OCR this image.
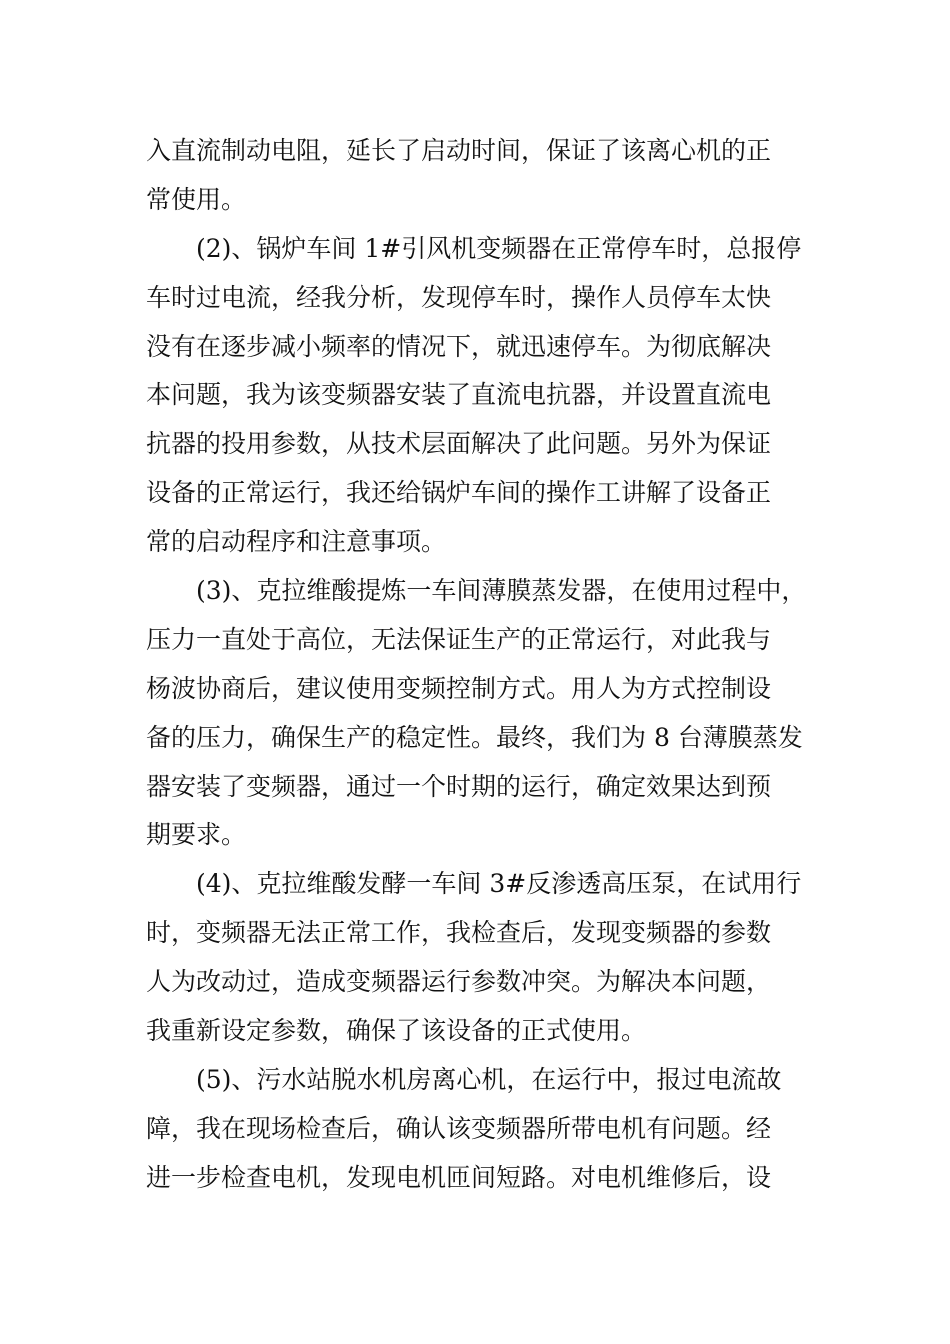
入直流制动电阻，延长了启动时间，保证了该离心机的正
常使用。
(2)、锅炉车间 1#引风机变频器在正常停车时，总报停
车时过电流，经我分析，发现停车时，操作人员停车太快
没有在逐步减小频率的情况下，就迅速停车。为彻底解决
本问题，我为该变频器安装了直流电抗器，并设置直流电
抗器的投用参数，从技术层面解决了此问题。另外为保证
设备的正常运行，我还给锅炉车间的操作工讲解了设备正
常的启动程序和注意事项。
(3)、克拉维酸提炼一车间薄膜蒸发器，在使用过程中，
压力一直处于高位，无法保证生产的正常运行，对此我与
杨波协商后，建议使用变频控制方式。用人为方式控制设
备的压力，确保生产的稳定性。最终，我们为 8 台薄膜蒸发
器安装了变频器，通过一个时期的运行，确定效果达到预
期要求。
(4)、克拉维酸发酵一车间 3#反渗透高压泵，在试用行
时，变频器无法正常工作，我检查后，发现变频器的参数
人为改动过，造成变频器运行参数冲突。为解决本问题，
我重新设定参数，确保了该设备的正式使用。
(5)、污水站脱水机房离心机，在运行中，报过电流故
障，我在现场检查后，确认该变频器所带电机有问题。经
进一步检查电机，发现电机匝间短路。对电机维修后，设
